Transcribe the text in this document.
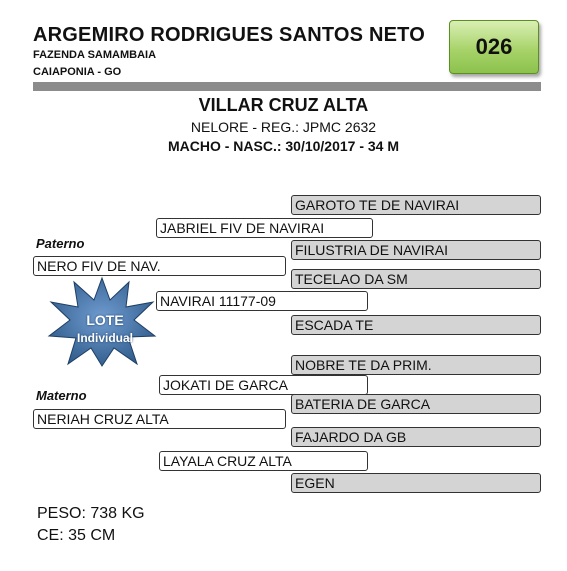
ARGEMIRO RODRIGUES SANTOS NETO
FAZENDA SAMAMBAIA
CAIAPONIA - GO
026
VILLAR CRUZ ALTA
NELORE - REG.: JPMC 2632
MACHO - NASC.: 30/10/2017 - 34 M
GAROTO TE DE NAVIRAI
FILUSTRIA DE NAVIRAI
TECELAO DA SM
ESCADA TE
NOBRE TE DA PRIM.
BATERIA DE GARCA
FAJARDO DA GB
EGEN
JABRIEL FIV DE NAVIRAI
NAVIRAI 11177-09
JOKATI DE GARCA
LAYALA CRUZ ALTA
Paterno
NERO FIV DE NAV.
Materno
NERIAH CRUZ ALTA
LOTE
Individual
PESO: 738 KG
CE: 35 CM
